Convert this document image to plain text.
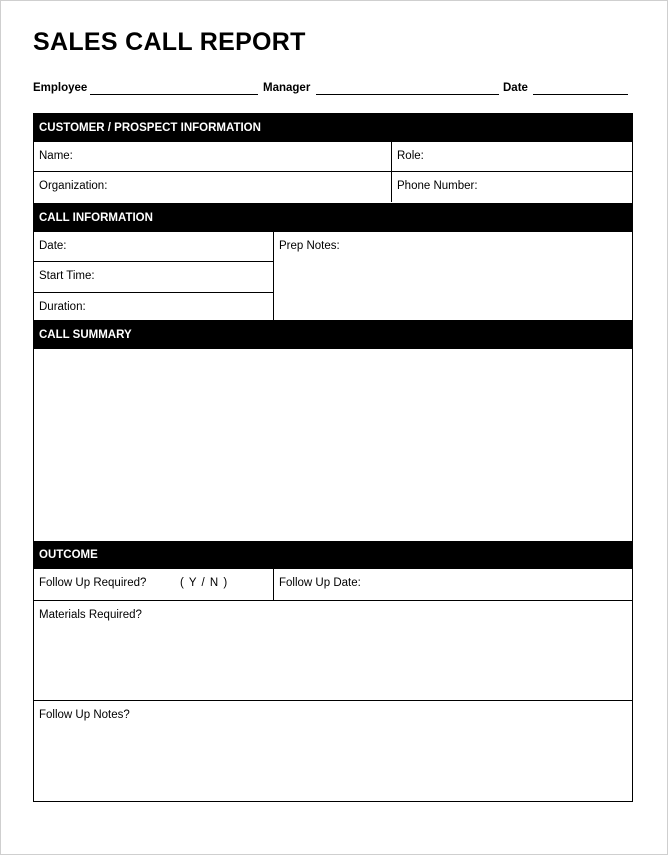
SALES CALL REPORT
Employee	Manager	Date
CUSTOMER / PROSPECT INFORMATION
Name:	Role:
Organization:	Phone Number:
CALL INFORMATION
Date:
Start Time:
Duration:
Prep Notes:
CALL SUMMARY
OUTCOME
Follow Up Required?	( Y / N )	Follow Up Date:
Materials Required?
Follow Up Notes?
